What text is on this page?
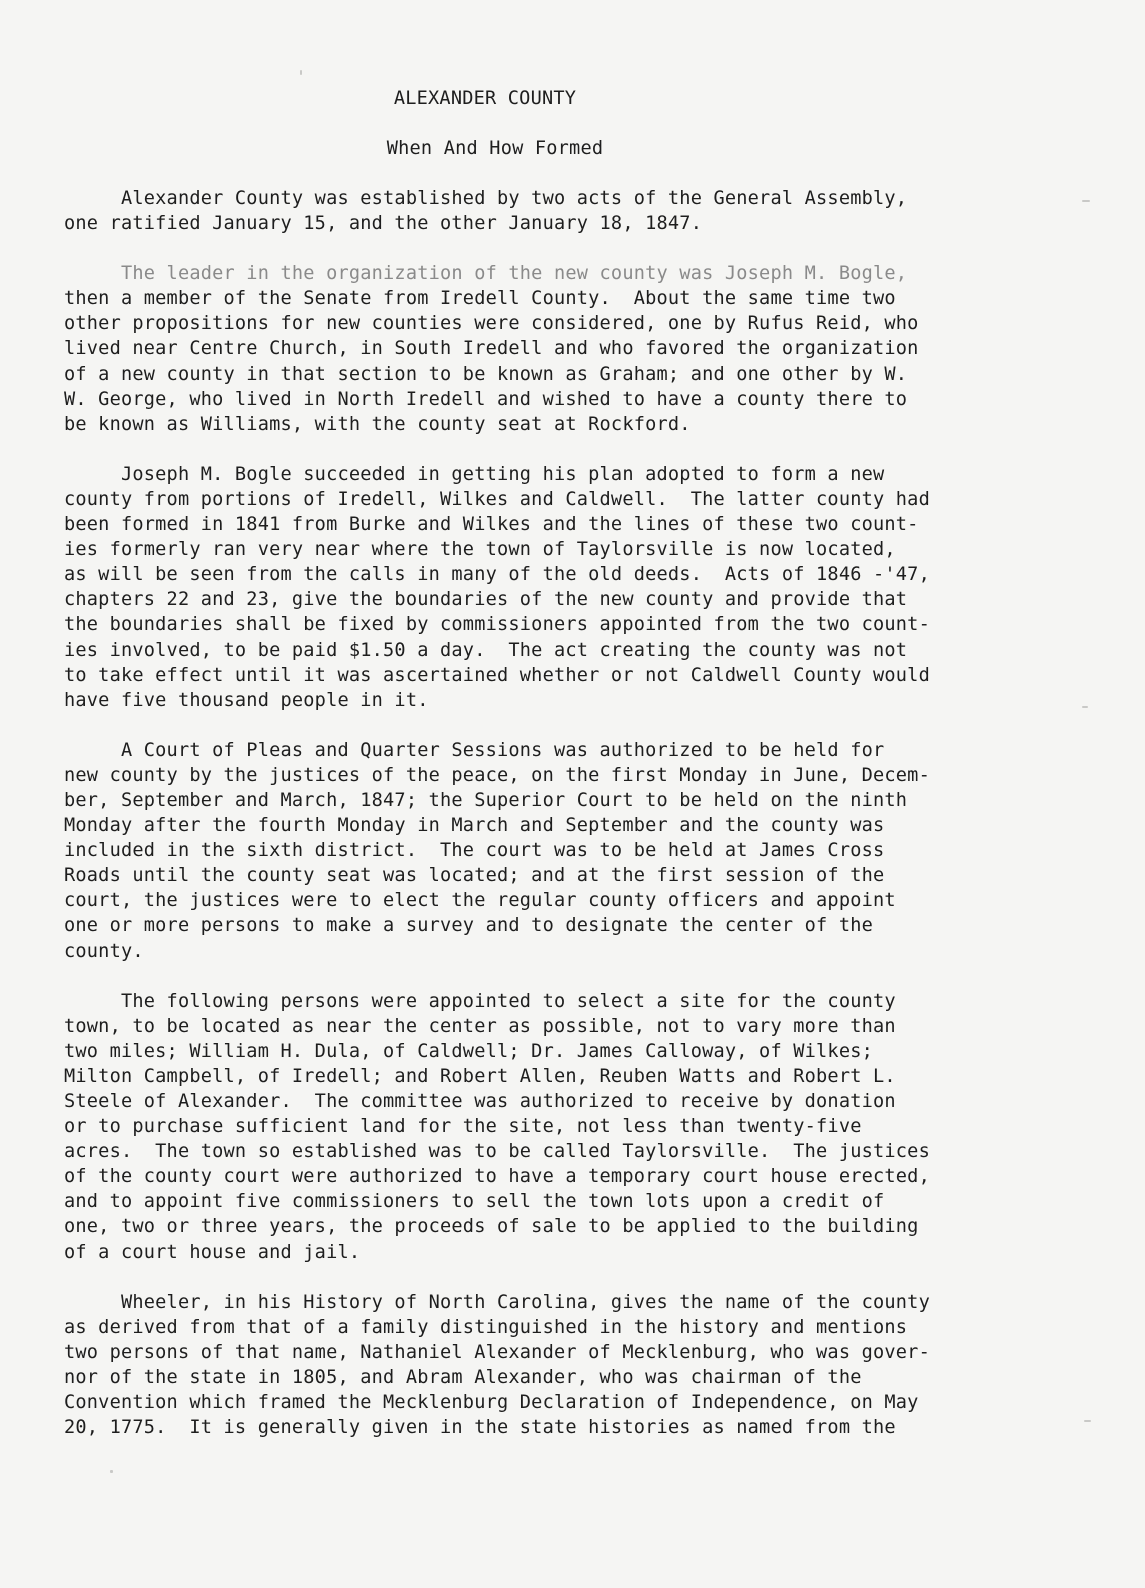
ALEXANDER COUNTY
When And How Formed

Alexander County was established by two acts of the General Assembly,
one ratified January 15, and the other January 18, 1847.

The leader in the organization of the new county was Joseph M. Bogle,
then a member of the Senate from Iredell County.  About the same time two
other propositions for new counties were considered, one by Rufus Reid, who
lived near Centre Church, in South Iredell and who favored the organization
of a new county in that section to be known as Graham; and one other by W.
W. George, who lived in North Iredell and wished to have a county there to
be known as Williams, with the county seat at Rockford.

Joseph M. Bogle succeeded in getting his plan adopted to form a new
county from portions of Iredell, Wilkes and Caldwell.  The latter county had
been formed in 1841 from Burke and Wilkes and the lines of these two count-
ies formerly ran very near where the town of Taylorsville is now located,
as will be seen from the calls in many of the old deeds.  Acts of 1846 -'47,
chapters 22 and 23, give the boundaries of the new county and provide that
the boundaries shall be fixed by commissioners appointed from the two count-
ies involved, to be paid $1.50 a day.  The act creating the county was not
to take effect until it was ascertained whether or not Caldwell County would
have five thousand people in it.

A Court of Pleas and Quarter Sessions was authorized to be held for
new county by the justices of the peace, on the first Monday in June, Decem-
ber, September and March, 1847; the Superior Court to be held on the ninth
Monday after the fourth Monday in March and September and the county was
included in the sixth district.  The court was to be held at James Cross
Roads until the county seat was located; and at the first session of the
court, the justices were to elect the regular county officers and appoint
one or more persons to make a survey and to designate the center of the
county.

The following persons were appointed to select a site for the county
town, to be located as near the center as possible, not to vary more than
two miles; William H. Dula, of Caldwell; Dr. James Calloway, of Wilkes;
Milton Campbell, of Iredell; and Robert Allen, Reuben Watts and Robert L.
Steele of Alexander.  The committee was authorized to receive by donation
or to purchase sufficient land for the site, not less than twenty-five
acres.  The town so established was to be called Taylorsville.  The justices
of the county court were authorized to have a temporary court house erected,
and to appoint five commissioners to sell the town lots upon a credit of
one, two or three years, the proceeds of sale to be applied to the building
of a court house and jail.

Wheeler, in his History of North Carolina, gives the name of the county
as derived from that of a family distinguished in the history and mentions
two persons of that name, Nathaniel Alexander of Mecklenburg, who was gover-
nor of the state in 1805, and Abram Alexander, who was chairman of the
Convention which framed the Mecklenburg Declaration of Independence, on May
20, 1775.  It is generally given in the state histories as named from the
